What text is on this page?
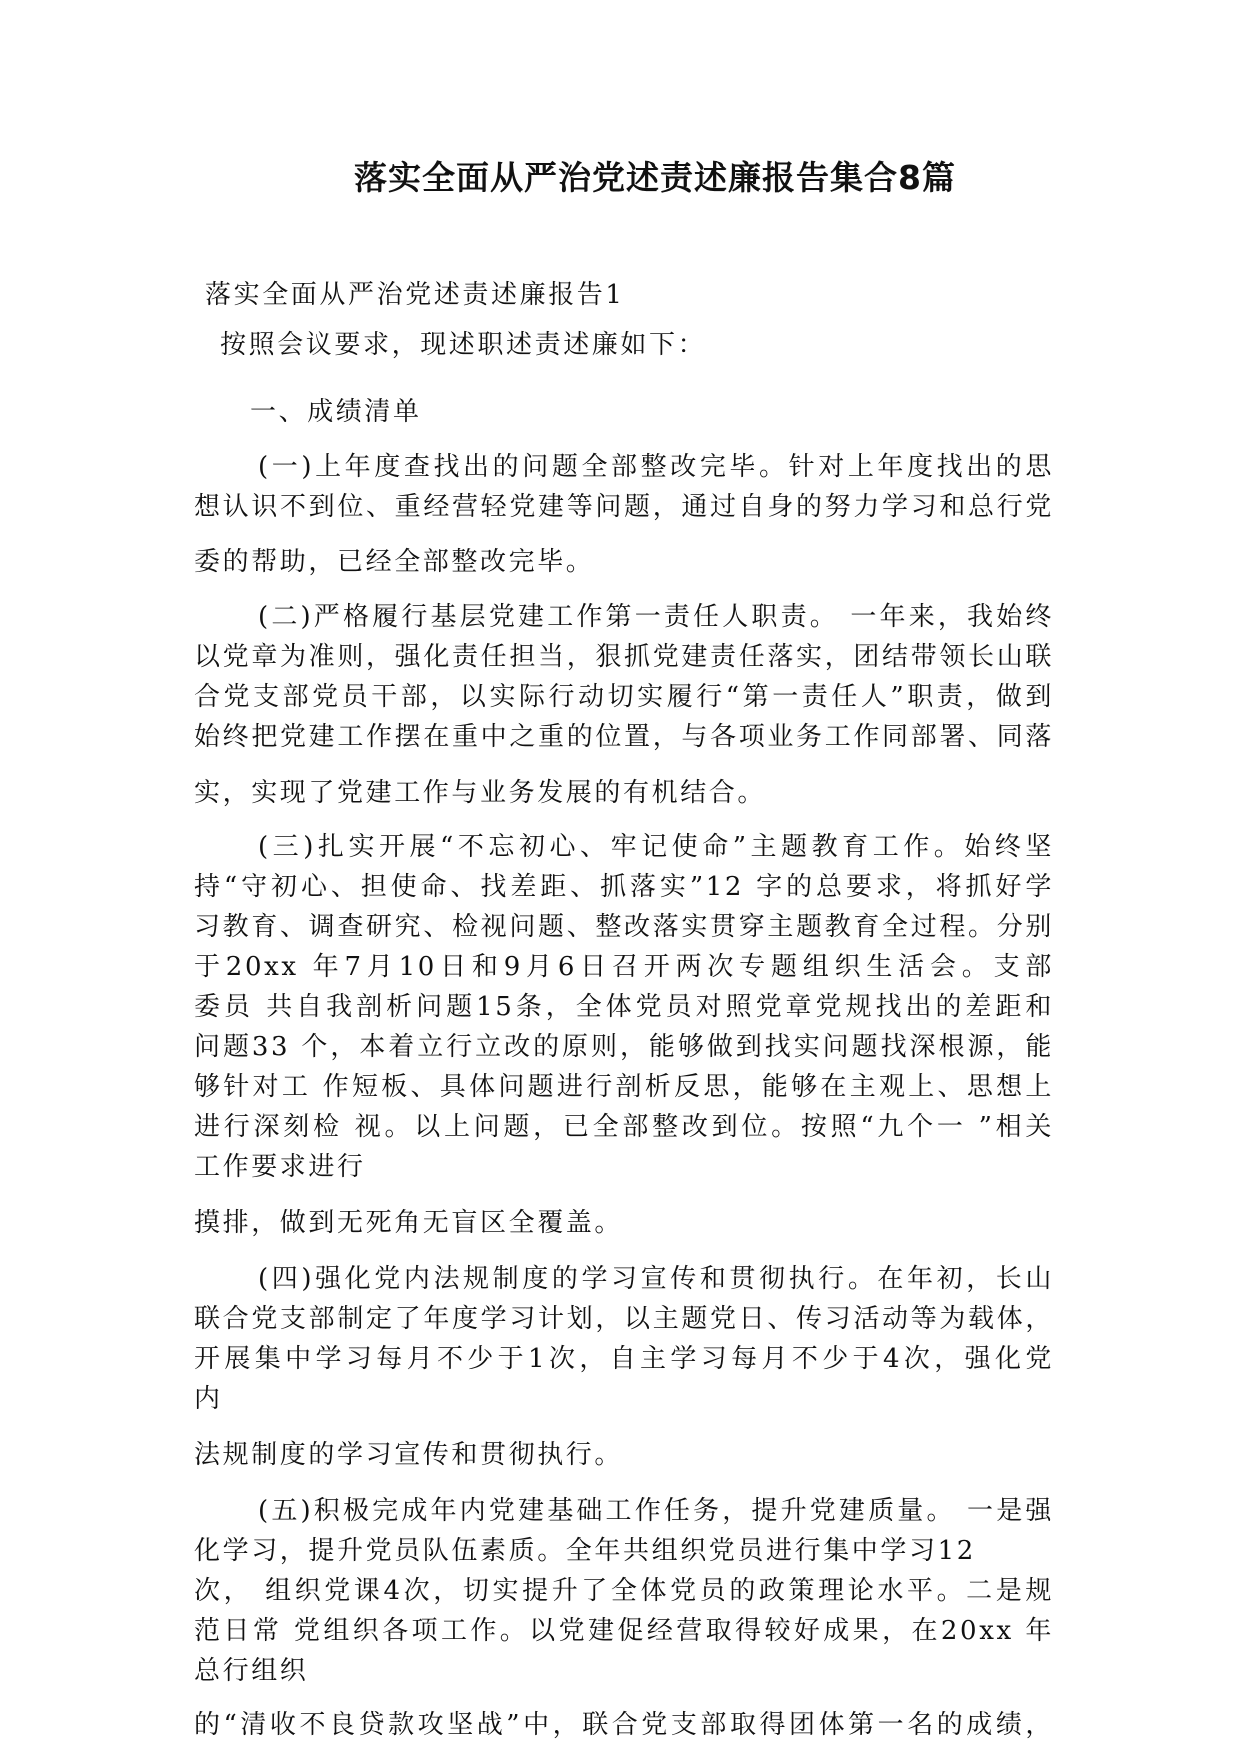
落实全面从严治党述责述廉报告集合8篇

落实全面从严治党述责述廉报告1

按照会议要求，现述职述责述廉如下：

一、成绩清单

(一)上年度查找出的问题全部整改完毕。针对上年度找出的思

想认识不到位、重经营轻党建等问题，通过自身的努力学习和总行党

委的帮助，已经全部整改完毕。

(二)严格履行基层党建工作第一责任人职责。 一年来，我始终

以党章为准则，强化责任担当，狠抓党建责任落实，团结带领长山联

合党支部党员干部，以实际行动切实履行“第一责任人”职责，做到

始终把党建工作摆在重中之重的位置，与各项业务工作同部署、同落

实，实现了党建工作与业务发展的有机结合。

(三)扎实开展“不忘初心、牢记使命”主题教育工作。始终坚

持“守初心、担使命、找差距、抓落实”12 字的总要求，将抓好学

习教育、调查研究、检视问题、整改落实贯穿主题教育全过程。分别

于20xx 年7月10日和9月6日召开两次专题组织生活会。支部

委员 共自我剖析问题15条，全体党员对照党章党规找出的差距和

问题33 个，本着立行立改的原则，能够做到找实问题找深根源，能

够针对工 作短板、具体问题进行剖析反思，能够在主观上、思想上

进行深刻检 视。以上问题，已全部整改到位。按照“九个一 ”相关

工作要求进行

摸排，做到无死角无盲区全覆盖。

(四)强化党内法规制度的学习宣传和贯彻执行。在年初，长山

联合党支部制定了年度学习计划，以主题党日、传习活动等为载体，

开展集中学习每月不少于1次，自主学习每月不少于4次，强化党

内

法规制度的学习宣传和贯彻执行。

(五)积极完成年内党建基础工作任务，提升党建质量。 一是强

化学习，提升党员队伍素质。全年共组织党员进行集中学习12

次， 组织党课4次，切实提升了全体党员的政策理论水平。二是规

范日常 党组织各项工作。以党建促经营取得较好成果，在20xx 年

总行组织

的“清收不良贷款攻坚战”中，联合党支部取得团体第一名的成绩，
